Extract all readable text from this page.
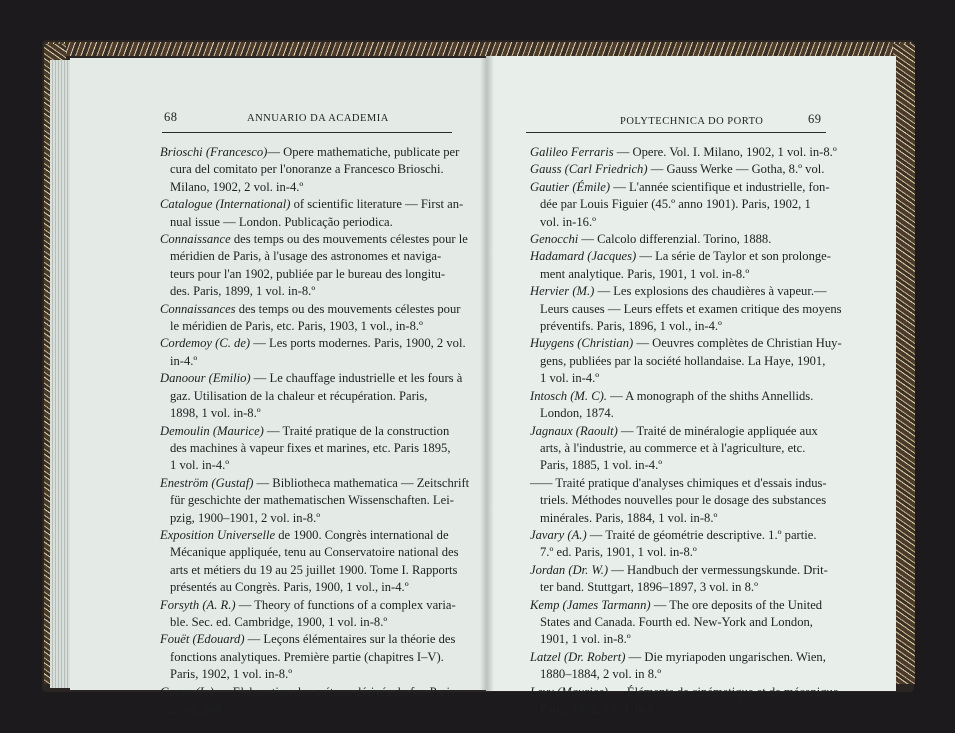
68	ANNUARIO DA ACADEMIA

Brioschi (Francesco)— Opere mathematiche, publicate per
cura del comitato per l'onoranze a Francesco Brioschi.
Milano, 1902, 2 vol. in-4.º

Catalogue (International) of scientific literature — First an-
nual issue — London. Publicação periodica.

Connaissance des temps ou des mouvements célestes pour le
méridien de Paris, à l'usage des astronomes et naviga-
teurs pour l'an 1902, publiée par le bureau des longitu-
des. Paris, 1899, 1 vol. in-8.º

Connaissances des temps ou des mouvements célestes pour
le méridien de Paris, etc. Paris, 1903, 1 vol., in-8.º

Cordemoy (C. de) — Les ports modernes. Paris, 1900, 2 vol.
in-4.º

Danoour (Emilio) — Le chauffage industrielle et les fours à
gaz. Utilisation de la chaleur et récupération. Paris,
1898, 1 vol. in-8.º

Demoulin (Maurice) — Traité pratique de la construction
des machines à vapeur fixes et marines, etc. Paris 1895,
1 vol. in-4.º

Eneström (Gustaf) — Bibliotheca mathematica — Zeitschrift
für geschichte der mathematischen Wissenschaften. Lei-
pzig, 1900–1901, 2 vol. in-8.º

Exposition Universelle de 1900. Congrès international de
Mécanique appliquée, tenu au Conservatoire national des
arts et métiers du 19 au 25 juillet 1900. Tome I. Rapports
présentés au Congrès. Paris, 1900, 1 vol., in-4.º

Forsyth (A. R.) — Theory of functions of a complex varia-
ble. Sec. ed. Cambridge, 1900, 1 vol. in-8.º

Fouët (Edouard) — Leçons élémentaires sur la théorie des
fonctions analytiques. Première partie (chapitres I–V).
Paris, 1902, 1 vol. in-8.º

Gages (L.) — Elaboration des métaux dérivés du fer. Paris,
2 vol. in-8.º

POLYTECHNICA DO PORTO	69

Galileo Ferraris — Opere. Vol. I. Milano, 1902, 1 vol. in-8.º

Gauss (Carl Friedrich) — Gauss Werke — Gotha, 8.º vol.

Gautier (Émile) — L'année scientifique et industrielle, fon-
dée par Louis Figuier (45.º anno 1901). Paris, 1902, 1
vol. in-16.º

Genocchi — Calcolo differenzial. Torino, 1888.

Hadamard (Jacques) — La série de Taylor et son prolonge-
ment analytique. Paris, 1901, 1 vol. in-8.º

Hervier (M.) — Les explosions des chaudières à vapeur.—
Leurs causes — Leurs effets et examen critique des moyens
préventifs. Paris, 1896, 1 vol., in-4.º

Huygens (Christian) — Oeuvres complètes de Christian Huy-
gens, publiées par la société hollandaise. La Haye, 1901,
1 vol. in-4.º

Intosch (M. C). — A monograph of the shiths Annellids.
London, 1874.

Jagnaux (Raoult) — Traité de minéralogie appliquée aux
arts, à l'industrie, au commerce et à l'agriculture, etc.
Paris, 1885, 1 vol. in-4.º

—— Traité pratique d'analyses chimiques et d'essais indus-
triels. Méthodes nouvelles pour le dosage des substances
minérales. Paris, 1884, 1 vol. in-8.º

Javary (A.) — Traité de géométrie descriptive. 1.º partie.
7.º ed. Paris, 1901, 1 vol. in-8.º

Jordan (Dr. W.) — Handbuch der vermessungskunde. Drit-
ter band. Stuttgart, 1896–1897, 3 vol. in 8.º

Kemp (James Tarmann) — The ore deposits of the United
States and Canada. Fourth ed. New-York and London,
1901, 1 vol. in-8.º

Latzel (Dr. Robert) — Die myriapoden ungarischen. Wien,
1880–1884, 2 vol. in 8.º

Levy (Maurice) — Éléments de cinématique et de mécanique
Paris, 1902, 1 vol. in 8.º
